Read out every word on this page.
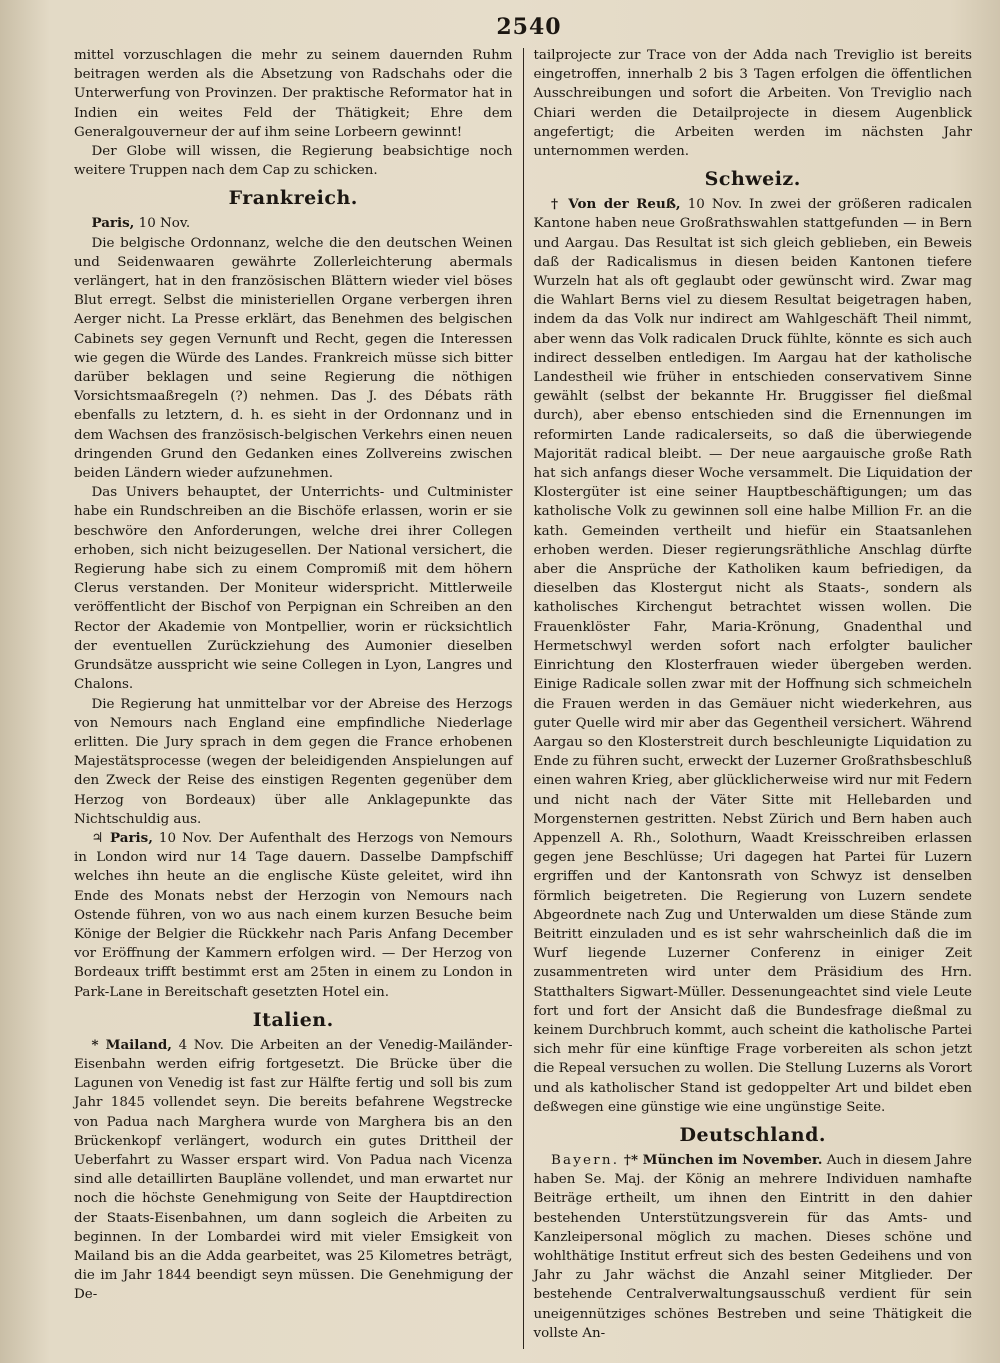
2540

mittel vorzuschlagen die mehr zu seinem dauernden Ruhm beitragen werden als die Absetzung von Radschahs oder die Unterwerfung von Provinzen. Der praktische Reformator hat in Indien ein weites Feld der Thätigkeit; Ehre dem Generalgouverneur der auf ihm seine Lorbeern gewinnt!

Der Globe will wissen, die Regierung beabsichtige noch weitere Truppen nach dem Cap zu schicken.

Frankreich.

Paris, 10 Nov.

Die belgische Ordonnanz, welche die den deutschen Weinen und Seidenwaaren gewährte Zollerleichterung abermals verlängert, hat in den französischen Blättern wieder viel böses Blut erregt. Selbst die ministeriellen Organe verbergen ihren Aerger nicht. La Presse erklärt, das Benehmen des belgischen Cabinets sey gegen Vernunft und Recht, gegen die Interessen wie gegen die Würde des Landes. Frankreich müsse sich bitter darüber beklagen und seine Regierung die nöthigen Vorsichtsmaaßregeln (?) nehmen. Das J. des Débats räth ebenfalls zu letztern, d. h. es sieht in der Ordonnanz und in dem Wachsen des französisch-belgischen Verkehrs einen neuen dringenden Grund den Gedanken eines Zollvereins zwischen beiden Ländern wieder aufzunehmen.

Das Univers behauptet, der Unterrichts- und Cultminister habe ein Rundschreiben an die Bischöfe erlassen, worin er sie beschwöre den Anforderungen, welche drei ihrer Collegen erhoben, sich nicht beizugesellen. Der National versichert, die Regierung habe sich zu einem Compromiß mit dem höhern Clerus verstanden. Der Moniteur widerspricht. Mittlerweile veröffentlicht der Bischof von Perpignan ein Schreiben an den Rector der Akademie von Montpellier, worin er rücksichtlich der eventuellen Zurückziehung des Aumonier dieselben Grundsätze ausspricht wie seine Collegen in Lyon, Langres und Chalons.

Die Regierung hat unmittelbar vor der Abreise des Herzogs von Nemours nach England eine empfindliche Niederlage erlitten. Die Jury sprach in dem gegen die France erhobenen Majestätsprocesse (wegen der beleidigenden Anspielungen auf den Zweck der Reise des einstigen Regenten gegenüber dem Herzog von Bordeaux) über alle Anklagepunkte das Nichtschuldig aus.

♃ Paris, 10 Nov. Der Aufenthalt des Herzogs von Nemours in London wird nur 14 Tage dauern. Dasselbe Dampfschiff welches ihn heute an die englische Küste geleitet, wird ihn Ende des Monats nebst der Herzogin von Nemours nach Ostende führen, von wo aus nach einem kurzen Besuche beim Könige der Belgier die Rückkehr nach Paris Anfang December vor Eröffnung der Kammern erfolgen wird. — Der Herzog von Bordeaux trifft bestimmt erst am 25ten in einem zu London in Park-Lane in Bereitschaft gesetzten Hotel ein.

Italien.

* Mailand, 4 Nov. Die Arbeiten an der Venedig-Mailänder-Eisenbahn werden eifrig fortgesetzt. Die Brücke über die Lagunen von Venedig ist fast zur Hälfte fertig und soll bis zum Jahr 1845 vollendet seyn. Die bereits befahrene Wegstrecke von Padua nach Marghera wurde von Marghera bis an den Brückenkopf verlängert, wodurch ein gutes Drittheil der Ueberfahrt zu Wasser erspart wird. Von Padua nach Vicenza sind alle detaillirten Baupläne vollendet, und man erwartet nur noch die höchste Genehmigung von Seite der Hauptdirection der Staats-Eisenbahnen, um dann sogleich die Arbeiten zu beginnen. In der Lombardei wird mit vieler Emsigkeit von Mailand bis an die Adda gearbeitet, was 25 Kilometres beträgt, die im Jahr 1844 beendigt seyn müssen. Die Genehmigung der De-

tailprojecte zur Trace von der Adda nach Treviglio ist bereits eingetroffen, innerhalb 2 bis 3 Tagen erfolgen die öffentlichen Ausschreibungen und sofort die Arbeiten. Von Treviglio nach Chiari werden die Detailprojecte in diesem Augenblick angefertigt; die Arbeiten werden im nächsten Jahr unternommen werden.

Schweiz.

† Von der Reuß, 10 Nov. In zwei der größeren radicalen Kantone haben neue Großrathswahlen stattgefunden — in Bern und Aargau. Das Resultat ist sich gleich geblieben, ein Beweis daß der Radicalismus in diesen beiden Kantonen tiefere Wurzeln hat als oft geglaubt oder gewünscht wird. Zwar mag die Wahlart Berns viel zu diesem Resultat beigetragen haben, indem da das Volk nur indirect am Wahlgeschäft Theil nimmt, aber wenn das Volk radicalen Druck fühlte, könnte es sich auch indirect desselben entledigen. Im Aargau hat der katholische Landestheil wie früher in entschieden conservativem Sinne gewählt (selbst der bekannte Hr. Bruggisser fiel dießmal durch), aber ebenso entschieden sind die Ernennungen im reformirten Lande radicalerseits, so daß die überwiegende Majorität radical bleibt. — Der neue aargauische große Rath hat sich anfangs dieser Woche versammelt. Die Liquidation der Klostergüter ist eine seiner Hauptbeschäftigungen; um das katholische Volk zu gewinnen soll eine halbe Million Fr. an die kath. Gemeinden vertheilt und hiefür ein Staatsanlehen erhoben werden. Dieser regierungsräthliche Anschlag dürfte aber die Ansprüche der Katholiken kaum befriedigen, da dieselben das Klostergut nicht als Staats-, sondern als katholisches Kirchengut betrachtet wissen wollen. Die Frauenklöster Fahr, Maria-Krönung, Gnadenthal und Hermetschwyl werden sofort nach erfolgter baulicher Einrichtung den Klosterfrauen wieder übergeben werden. Einige Radicale sollen zwar mit der Hoffnung sich schmeicheln die Frauen werden in das Gemäuer nicht wiederkehren, aus guter Quelle wird mir aber das Gegentheil versichert. Während Aargau so den Klosterstreit durch beschleunigte Liquidation zu Ende zu führen sucht, erweckt der Luzerner Großrathsbeschluß einen wahren Krieg, aber glücklicherweise wird nur mit Federn und nicht nach der Väter Sitte mit Hellebarden und Morgensternen gestritten. Nebst Zürich und Bern haben auch Appenzell A. Rh., Solothurn, Waadt Kreisschreiben erlassen gegen jene Beschlüsse; Uri dagegen hat Partei für Luzern ergriffen und der Kantonsrath von Schwyz ist denselben förmlich beigetreten. Die Regierung von Luzern sendete Abgeordnete nach Zug und Unterwalden um diese Stände zum Beitritt einzuladen und es ist sehr wahrscheinlich daß die im Wurf liegende Luzerner Conferenz in einiger Zeit zusammentreten wird unter dem Präsidium des Hrn. Statthalters Sigwart-Müller. Dessenungeachtet sind viele Leute fort und fort der Ansicht daß die Bundesfrage dießmal zu keinem Durchbruch kommt, auch scheint die katholische Partei sich mehr für eine künftige Frage vorbereiten als schon jetzt die Repeal versuchen zu wollen. Die Stellung Luzerns als Vorort und als katholischer Stand ist gedoppelter Art und bildet eben deßwegen eine günstige wie eine ungünstige Seite.

Deutschland.

Bayern. †* München im November. Auch in diesem Jahre haben Se. Maj. der König an mehrere Individuen namhafte Beiträge ertheilt, um ihnen den Eintritt in den dahier bestehenden Unterstützungsverein für das Amts- und Kanzleipersonal möglich zu machen. Dieses schöne und wohlthätige Institut erfreut sich des besten Gedeihens und von Jahr zu Jahr wächst die Anzahl seiner Mitglieder. Der bestehende Centralverwaltungsausschuß verdient für sein uneigennütziges schönes Bestreben und seine Thätigkeit die vollste An-
